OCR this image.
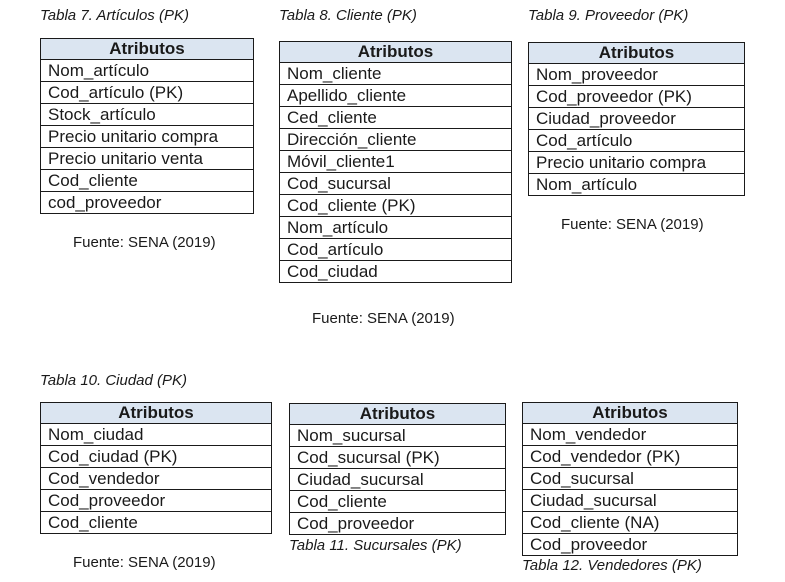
Tabla 7. Artículos (PK)
Atributos
Nom_artículo
Cod_artículo (PK)
Stock_artículo
Precio unitario compra
Precio unitario venta
Cod_cliente
cod_proveedor
Fuente: SENA (2019)
Tabla 8. Cliente (PK)
Atributos
Nom_cliente
Apellido_cliente
Ced_cliente
Dirección_cliente
Móvil_cliente1
Cod_sucursal
Cod_cliente (PK)
Nom_artículo
Cod_artículo
Cod_ciudad
Fuente: SENA (2019)
Tabla 9. Proveedor (PK)
Atributos
Nom_proveedor
Cod_proveedor (PK)
Ciudad_proveedor
Cod_artículo
Precio unitario compra
Nom_artículo
Fuente: SENA (2019)
Tabla 10. Ciudad (PK)
Atributos
Nom_ciudad
Cod_ciudad (PK)
Cod_vendedor
Cod_proveedor
Cod_cliente
Fuente: SENA (2019)
Atributos
Nom_sucursal
Cod_sucursal (PK)
Ciudad_sucursal
Cod_cliente
Cod_proveedor
Tabla 11. Sucursales (PK)
Atributos
Nom_vendedor
Cod_vendedor (PK)
Cod_sucursal
Ciudad_sucursal
Cod_cliente (NA)
Cod_proveedor
Tabla 12. Vendedores (PK)
